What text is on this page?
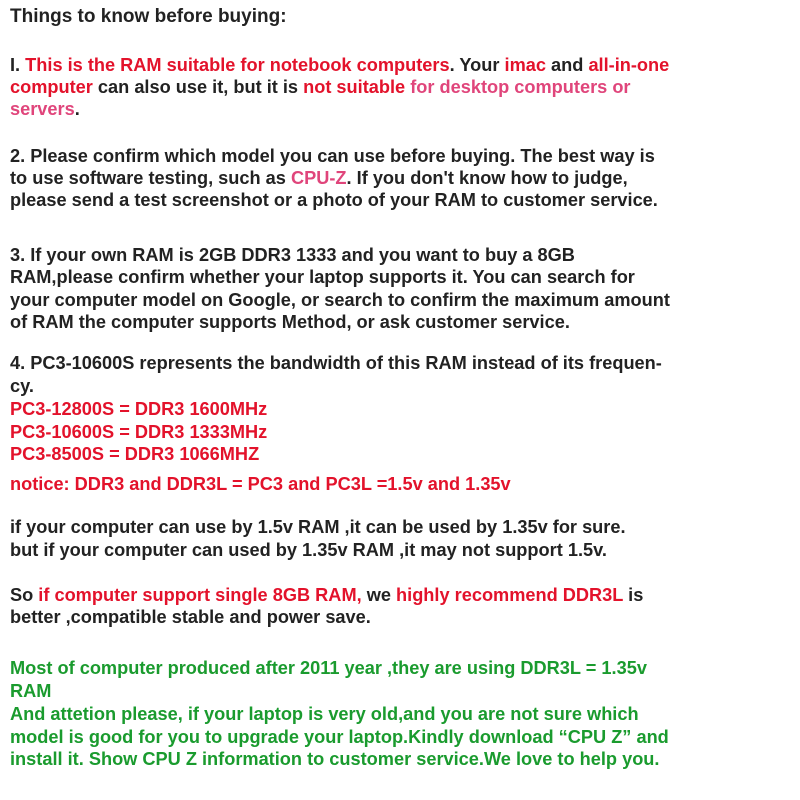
Things to know before buying:
I. This is the RAM suitable for notebook computers. Your imac and all-in-one
computer can also use it, but it is not suitable for desktop computers or
servers.
2. Please confirm which model you can use before buying. The best way is
to use software testing, such as CPU-Z. If you don't know how to judge,
please send a test screenshot or a photo of your RAM to customer service.
3. If your own RAM is 2GB DDR3 1333 and you want to buy a 8GB
RAM,please confirm whether your laptop supports it. You can search for
your computer model on Google, or search to confirm the maximum amount
of RAM the computer supports Method, or ask customer service.
4. PC3-10600S represents the bandwidth of this RAM instead of its frequen-
cy.
PC3-12800S = DDR3 1600MHz
PC3-10600S = DDR3 1333MHz
PC3-8500S = DDR3 1066MHZ
notice: DDR3 and DDR3L = PC3 and PC3L =1.5v and 1.35v
if your computer can use by 1.5v RAM ,it can be used by 1.35v for sure.
but if your computer can used by 1.35v RAM ,it may not support 1.5v.
So if computer support single 8GB RAM, we highly recommend DDR3L is
better ,compatible stable and power save.
Most of computer produced after 2011 year ,they are using DDR3L = 1.35v
RAM
And attetion please, if your laptop is very old,and you are not sure which
model is good for you to upgrade your laptop.Kindly download “CPU Z” and
install it. Show CPU Z information to customer service.We love to help you.
